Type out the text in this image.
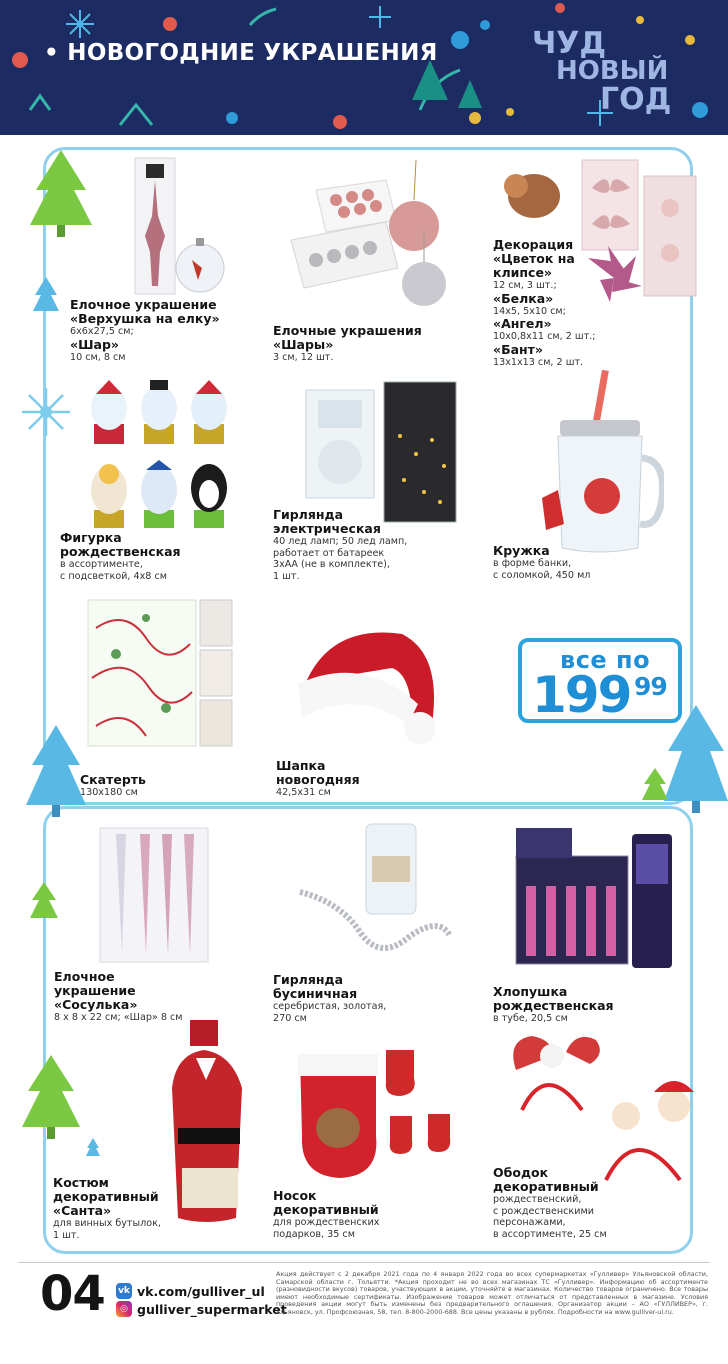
• НОВОГОДНИЕ УКРАШЕНИЯ	ЧУД
НОВЫЙ
ГОД
Елочное украшение
«Верхушка на елку»
6х6х27,5 см;
«Шар»
10 см, 8 см
Елочные украшения
«Шары»
3 см, 12 шт.
Декорация
«Цветок на
клипсе»
12 см, 3 шт.;
«Белка»
14х5, 5х10 см;
«Ангел»
10х0,8х11 см, 2 шт.;
«Бант»
13х1х13 см, 2 шт.
Фигурка
рождественская
в ассортименте,
с подсветкой, 4х8 см
Гирлянда
электрическая
40 лед ламп; 50 лед ламп,
работает от батареек
3хАА (не в комплекте),
1 шт.
Кружка
в форме банки,
с соломкой, 450 мл
Скатерть
130х180 см
Шапка
новогодняя
42,5х31 см
Елочное
украшение
«Сосулька»
8 х 8 х 22 см; «Шар» 8 см
Гирлянда
бусиничная
серебристая, золотая,
270 см
Хлопушка
рождественская
в тубе, 20,5 см
Костюм
декоративный
«Санта»
для винных бутылок,
1 шт.
Носок
декоративный
для рождественских
подарков, 35 см
Ободок
декоративный
рождественский,
с рождественскими
персонажами,
в ассортименте, 25 см
все по
199 99
04 vk vk.com/gulliver_ul
◎ gulliver_supermarket
Акция действует с 2 декабря 2021 года по 4 января 2022 года во всех супермаркетах «Гулливер» Ульяновской области, Самарской области г. Тольятти. *Акция проходит не во всех магазинах ТС «Гулливер». Информацию об ассортименте (разновидности вкусов) товаров, участвующих в акции, уточняйте в магазинах. Количество товаров ограничено. Все товары имеют необходимые сертификаты. Изображение товаров может отличаться от представленных в магазине. Условия проведения акции могут быть изменены без предварительного оглашения. Организатор акции – АО «ГУЛЛИВЕР», г. Ульяновск, ул. Профсоюзная, 58, тел. 8-800-2000-688. Все цены указаны в рублях. Подробности на www.gulliver-ul.ru.
